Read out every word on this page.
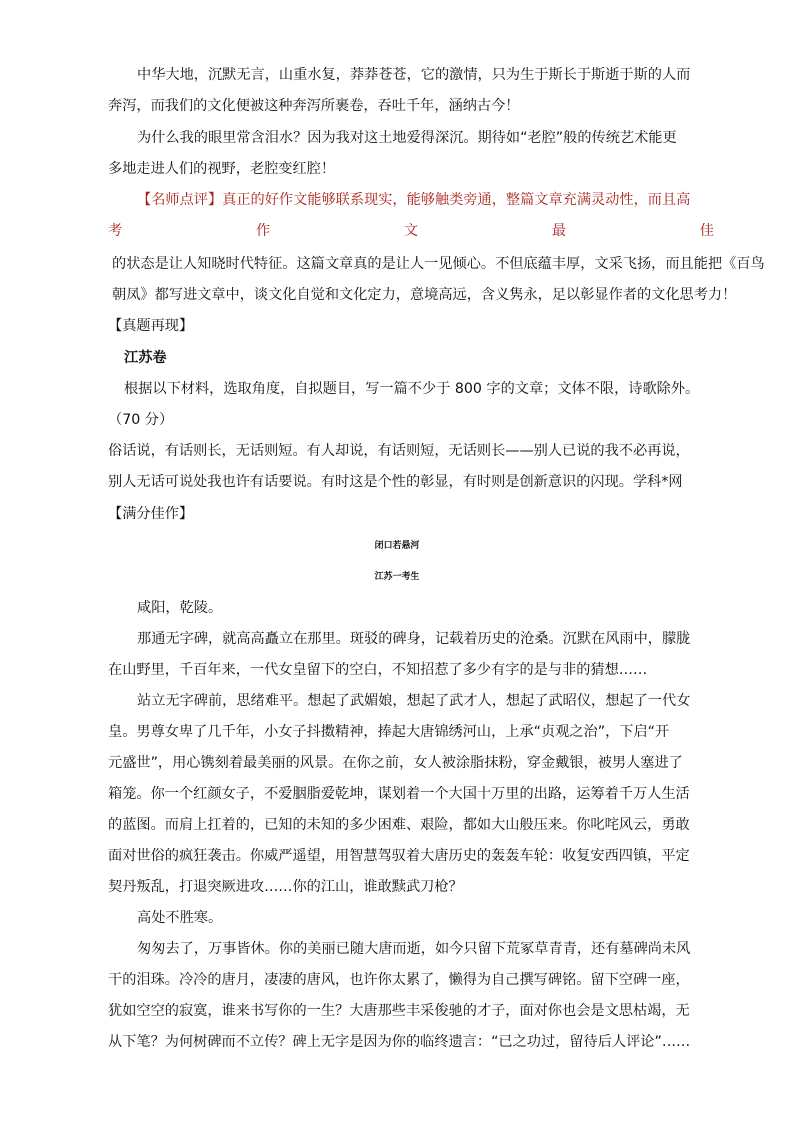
中华大地，沉默无言，山重水复，莽莽苍苍，它的激情，只为生于斯长于斯逝于斯的人而
奔泻，而我们的文化便被这种奔泻所裹卷，吞吐千年，涵纳古今！
为什么我的眼里常含泪水？因为我对这土地爱得深沉。期待如“老腔”般的传统艺术能更
多地走进人们的视野，老腔变红腔！
【名师点评】真正的好作文能够联系现实，能够触类旁通，整篇文章充满灵动性，而且高
考	作	文	最	佳
的状态是让人知晓时代特征。这篇文章真的是让人一见倾心。不但底蕴丰厚，文采飞扬，而且能把《百鸟
朝凤》都写进文章中，谈文化自觉和文化定力，意境高远，含义隽永，足以彰显作者的文化思考力！
【真题再现】
江苏卷
根据以下材料，选取角度，自拟题目，写一篇不少于 800 字的文章；文体不限，诗歌除外。
（70 分）
俗话说，有话则长，无话则短。有人却说，有话则短，无话则长——别人已说的我不必再说，
别人无话可说处我也许有话要说。有时这是个性的彰显，有时则是创新意识的闪现。学科*网
【满分佳作】
闭口若悬河
江苏一考生
咸阳，乾陵。
那通无字碑，就高高矗立在那里。斑驳的碑身，记载着历史的沧桑。沉默在风雨中，朦胧
在山野里，千百年来，一代女皇留下的空白，不知招惹了多少有字的是与非的猜想……
站立无字碑前，思绪难平。想起了武媚娘，想起了武才人，想起了武昭仪，想起了一代女
皇。男尊女卑了几千年，小女子抖擞精神，捧起大唐锦绣河山，上承“贞观之治”，下启“开
元盛世”，用心镌刻着最美丽的风景。在你之前，女人被涂脂抹粉，穿金戴银，被男人塞进了
箱笼。你一个红颜女子，不爱胭脂爱乾坤，谋划着一个大国十万里的出路，运筹着千万人生活
的蓝图。而肩上扛着的，已知的未知的多少困难、艰险，都如大山般压来。你叱咤风云，勇敢
面对世俗的疯狂袭击。你威严遥望，用智慧驾驭着大唐历史的轰轰车轮：收复安西四镇，平定
契丹叛乱，打退突厥进攻……你的江山，谁敢黩武刀枪？
高处不胜寒。
匆匆去了，万事皆休。你的美丽已随大唐而逝，如今只留下荒冢草青青，还有墓碑尚未风
干的泪珠。冷冷的唐月，凄凄的唐风，也许你太累了，懒得为自己撰写碑铭。留下空碑一座，
犹如空空的寂寞，谁来书写你的一生？大唐那些丰采俊驰的才子，面对你也会是文思枯竭，无
从下笔？为何树碑而不立传？碑上无字是因为你的临终遗言：“已之功过，留待后人评论”……
